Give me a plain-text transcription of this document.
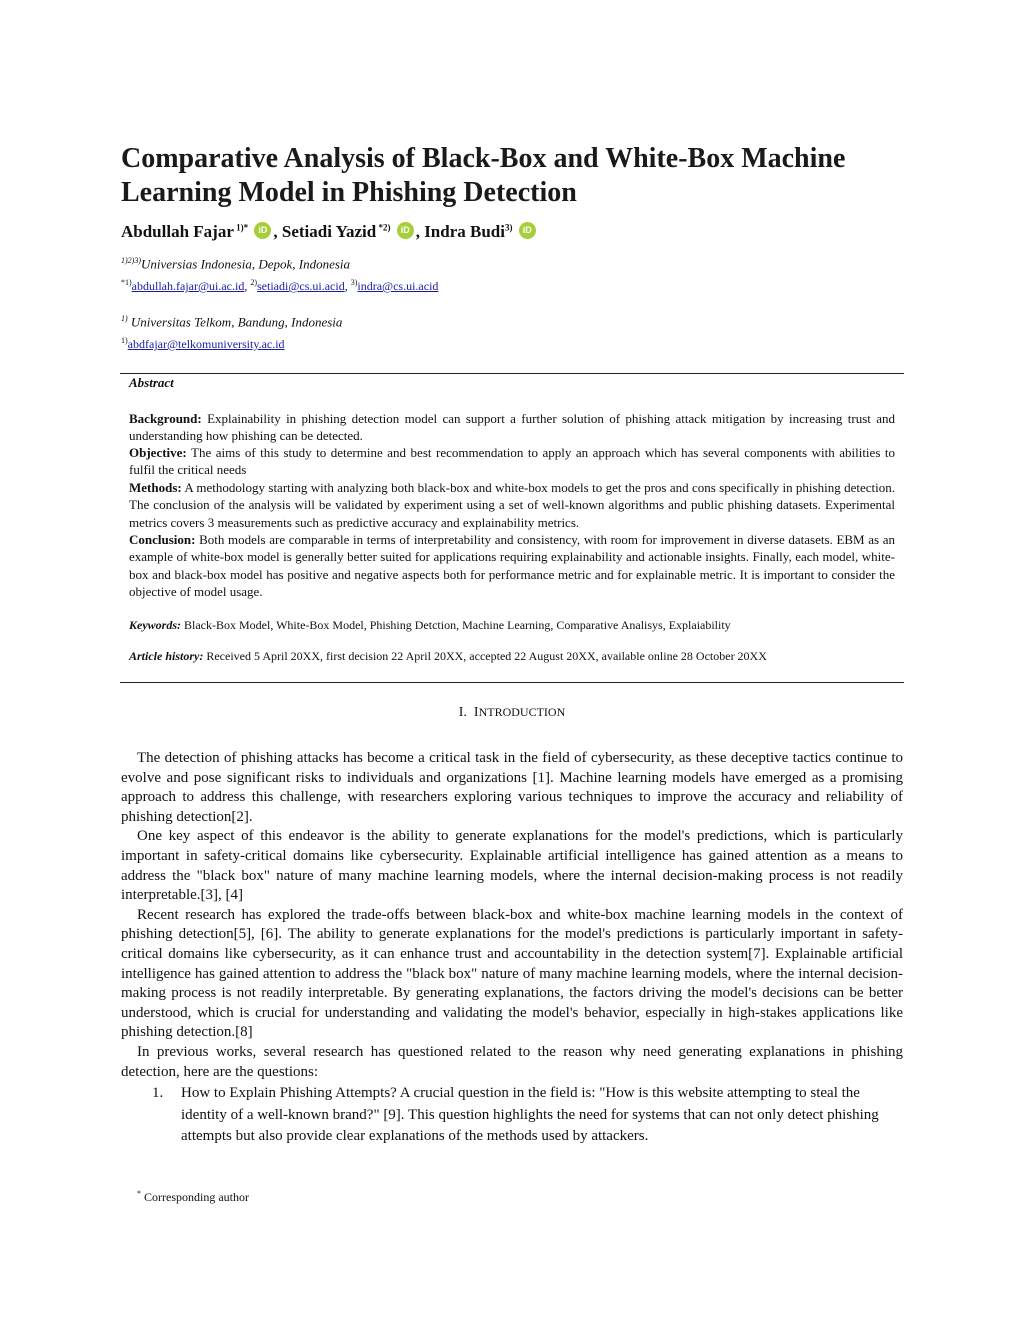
Comparative Analysis of Black-Box and White-Box Machine Learning Model in Phishing Detection
Abdullah Fajar $^{1)*}$ iD , Setiadi Yazid $^{*2)}$ iD , Indra Budi$^{3)}$ iD
$^{1)2)3)}$Universias Indonesia, Depok, Indonesia
$^{*1)}$abdullah.fajar@ui.ac.id, $^{2)}$setiadi@cs.ui.acid, $^{3)}$indra@cs.ui.acid
$^{1)}$ Universitas Telkom, Bandung, Indonesia
$^{1)}$abdfajar@telkomuniversity.ac.id
Abstract
Background: Explainability in phishing detection model can support a further solution of phishing attack mitigation by increasing trust and understanding how phishing can be detected.
Objective: The aims of this study to determine and best recommendation to apply an approach which has several components with abilities to fulfil the critical needs
Methods: A methodology starting with analyzing both black-box and white-box models to get the pros and cons specifically in phishing detection. The conclusion of the analysis will be validated by experiment using a set of well-known algorithms and public phishing datasets. Experimental metrics covers 3 measurements such as predictive accuracy and explainability metrics.
Conclusion: Both models are comparable in terms of interpretability and consistency, with room for improvement in diverse datasets. EBM as an example of white-box model is generally better suited for applications requiring explainability and actionable insights. Finally, each model, white-box and black-box model has positive and negative aspects both for performance metric and for explainable metric. It is important to consider the objective of model usage.
Keywords: Black-Box Model, White-Box Model, Phishing Detction, Machine Learning, Comparative Analisys, Explaiability
Article history: Received 5 April 20XX, first decision 22 April 20XX, accepted 22 August 20XX, available online 28 October 20XX
I. INTRODUCTION

The detection of phishing attacks has become a critical task in the field of cybersecurity, as these deceptive tactics continue to evolve and pose significant risks to individuals and organizations [1]. Machine learning models have emerged as a promising approach to address this challenge, with researchers exploring various techniques to improve the accuracy and reliability of phishing detection[2].

One key aspect of this endeavor is the ability to generate explanations for the model's predictions, which is particularly important in safety-critical domains like cybersecurity. Explainable artificial intelligence has gained attention as a means to address the "black box" nature of many machine learning models, where the internal decision-making process is not readily interpretable.[3], [4]

Recent research has explored the trade-offs between black-box and white-box machine learning models in the context of phishing detection[5], [6]. The ability to generate explanations for the model's predictions is particularly important in safety-critical domains like cybersecurity, as it can enhance trust and accountability in the detection system[7]. Explainable artificial intelligence has gained attention to address the "black box" nature of many machine learning models, where the internal decision-making process is not readily interpretable. By generating explanations, the factors driving the model's decisions can be better understood, which is crucial for understanding and validating the model's behavior, especially in high-stakes applications like phishing detection.[8]

In previous works, several research has questioned related to the reason why need generating explanations in phishing detection, here are the questions:

1. How to Explain Phishing Attempts? A crucial question in the field is: "How is this website attempting to steal the identity of a well-known brand?" [9]. This question highlights the need for systems that can not only detect phishing attempts but also provide clear explanations of the methods used by attackers.
* Corresponding author
